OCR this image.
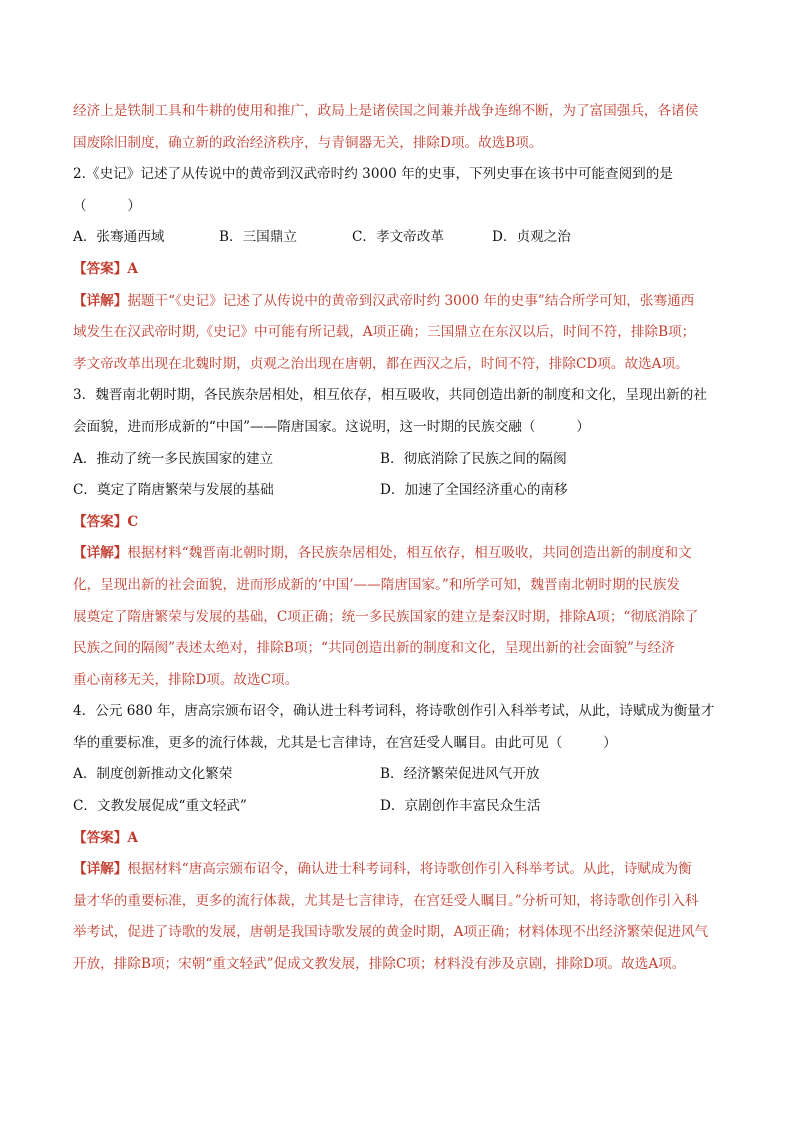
经济上是铁制工具和牛耕的使用和推广，政局上是诸侯国之间兼并战争连绵不断，为了富国强兵，各诸侯
国废除旧制度，确立新的政治经济秩序，与青铜器无关，排除D项。故选B项。
2.《史记》记述了从传说中的黄帝到汉武帝时约 3000 年的史事，下列史事在该书中可能查阅到的是
（　　　）
A．张骞通西域	B．三国鼎立	C．孝文帝改革	D．贞观之治
【答案】A
【详解】据题干“《史记》记述了从传说中的黄帝到汉武帝时约 3000 年的史事”结合所学可知，张骞通西
域发生在汉武帝时期,《史记》中可能有所记载，A项正确；三国鼎立在东汉以后，时间不符，排除B项；
孝文帝改革出现在北魏时期，贞观之治出现在唐朝，都在西汉之后，时间不符，排除CD项。故选A项。
3．魏晋南北朝时期，各民族杂居相处，相互依存，相互吸收，共同创造出新的制度和文化，呈现出新的社
会面貌，进而形成新的“中国”——隋唐国家。这说明，这一时期的民族交融（　　　）
A．推动了统一多民族国家的建立	B．彻底消除了民族之间的隔阂
C．奠定了隋唐繁荣与发展的基础	D．加速了全国经济重心的南移
【答案】C
【详解】根据材料“魏晋南北朝时期，各民族杂居相处，相互依存，相互吸收，共同创造出新的制度和文
化，呈现出新的社会面貌，进而形成新的‘中国’——隋唐国家。”和所学可知，魏晋南北朝时期的民族发
展奠定了隋唐繁荣与发展的基础，C项正确；统一多民族国家的建立是秦汉时期，排除A项；“彻底消除了
民族之间的隔阂”表述太绝对，排除B项；“共同创造出新的制度和文化，呈现出新的社会面貌”与经济
重心南移无关，排除D项。故选C项。
4．公元 680 年，唐高宗颁布诏令，确认进士科考词科，将诗歌创作引入科举考试，从此，诗赋成为衡量才
华的重要标准，更多的流行体裁，尤其是七言律诗，在宫廷受人瞩目。由此可见（　　　）
A．制度创新推动文化繁荣	B．经济繁荣促进风气开放
C．文教发展促成“重文轻武”	D．京剧创作丰富民众生活
【答案】A
【详解】根据材料“唐高宗颁布诏令，确认进士科考词科，将诗歌创作引入科举考试。从此，诗赋成为衡
量才华的重要标准，更多的流行体裁，尤其是七言律诗，在宫廷受人瞩目。”分析可知，将诗歌创作引入科
举考试，促进了诗歌的发展，唐朝是我国诗歌发展的黄金时期，A项正确；材料体现不出经济繁荣促进风气
开放，排除B项；宋朝“重文轻武”促成文教发展，排除C项；材料没有涉及京剧，排除D项。故选A项。
